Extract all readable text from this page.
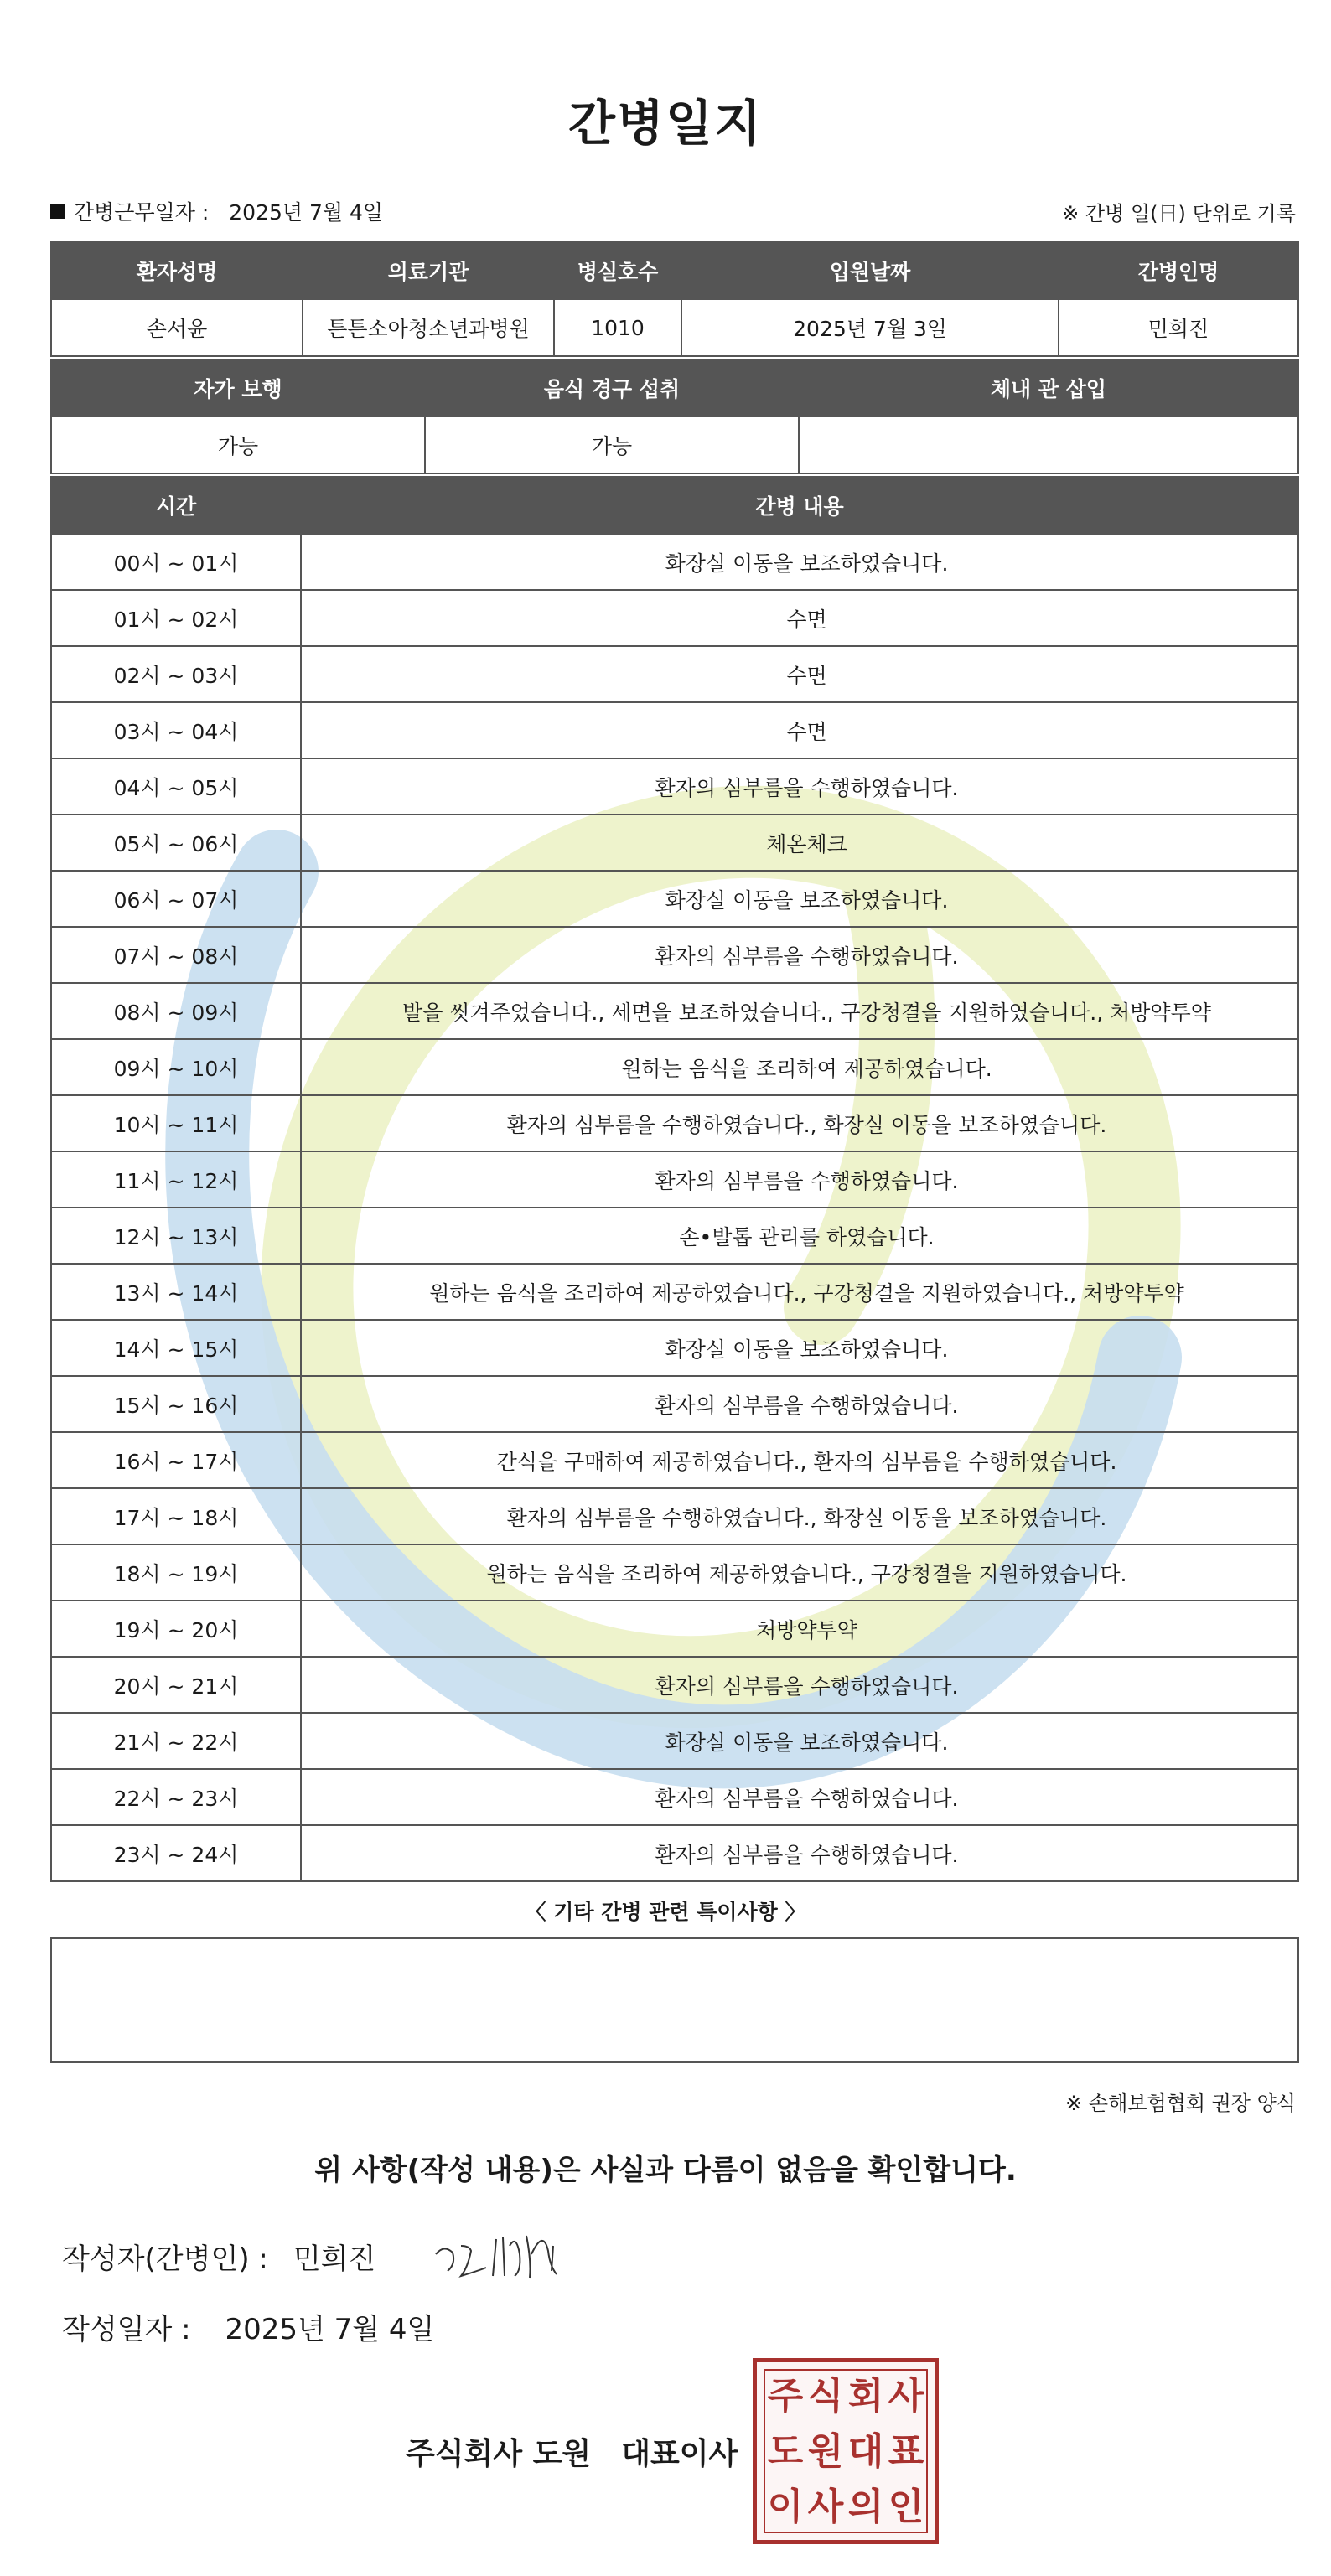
간병일지
간병근무일자 : 2025년 7월 4일	※ 간병 일(日) 단위로 기록
환자성명	의료기관	병실호수	입원날짜	간병인명
손서윤	튼튼소아청소년과병원	1010	2025년 7월 3일	민희진
자가 보행	음식 경구 섭취	체내 관 삽입
가능	가능	
시간	간병 내용
00시 ~ 01시	화장실 이동을 보조하였습니다.
01시 ~ 02시	수면
02시 ~ 03시	수면
03시 ~ 04시	수면
04시 ~ 05시	환자의 심부름을 수행하였습니다.
05시 ~ 06시	체온체크
06시 ~ 07시	화장실 이동을 보조하였습니다.
07시 ~ 08시	환자의 심부름을 수행하였습니다.
08시 ~ 09시	발을 씻겨주었습니다., 세면을 보조하였습니다., 구강청결을 지원하였습니다., 처방약투약
09시 ~ 10시	원하는 음식을 조리하여 제공하였습니다.
10시 ~ 11시	환자의 심부름을 수행하였습니다., 화장실 이동을 보조하였습니다.
11시 ~ 12시	환자의 심부름을 수행하였습니다.
12시 ~ 13시	손•발톱 관리를 하였습니다.
13시 ~ 14시	원하는 음식을 조리하여 제공하였습니다., 구강청결을 지원하였습니다., 처방약투약
14시 ~ 15시	화장실 이동을 보조하였습니다.
15시 ~ 16시	환자의 심부름을 수행하였습니다.
16시 ~ 17시	간식을 구매하여 제공하였습니다., 환자의 심부름을 수행하였습니다.
17시 ~ 18시	환자의 심부름을 수행하였습니다., 화장실 이동을 보조하였습니다.
18시 ~ 19시	원하는 음식을 조리하여 제공하였습니다., 구강청결을 지원하였습니다.
19시 ~ 20시	처방약투약
20시 ~ 21시	환자의 심부름을 수행하였습니다.
21시 ~ 22시	화장실 이동을 보조하였습니다.
22시 ~ 23시	환자의 심부름을 수행하였습니다.
23시 ~ 24시	환자의 심부름을 수행하였습니다.
〈 기타 간병 관련 특이사항 〉
※ 손해보험협회 권장 양식
위 사항(작성 내용)은 사실과 다름이 없음을 확인합니다.
작성자(간병인) : 민희진
작성일자 : 2025년 7월 4일
주식회사 도원 대표이사
주 식 회 사
도 원 대 표
이 사 의 인
